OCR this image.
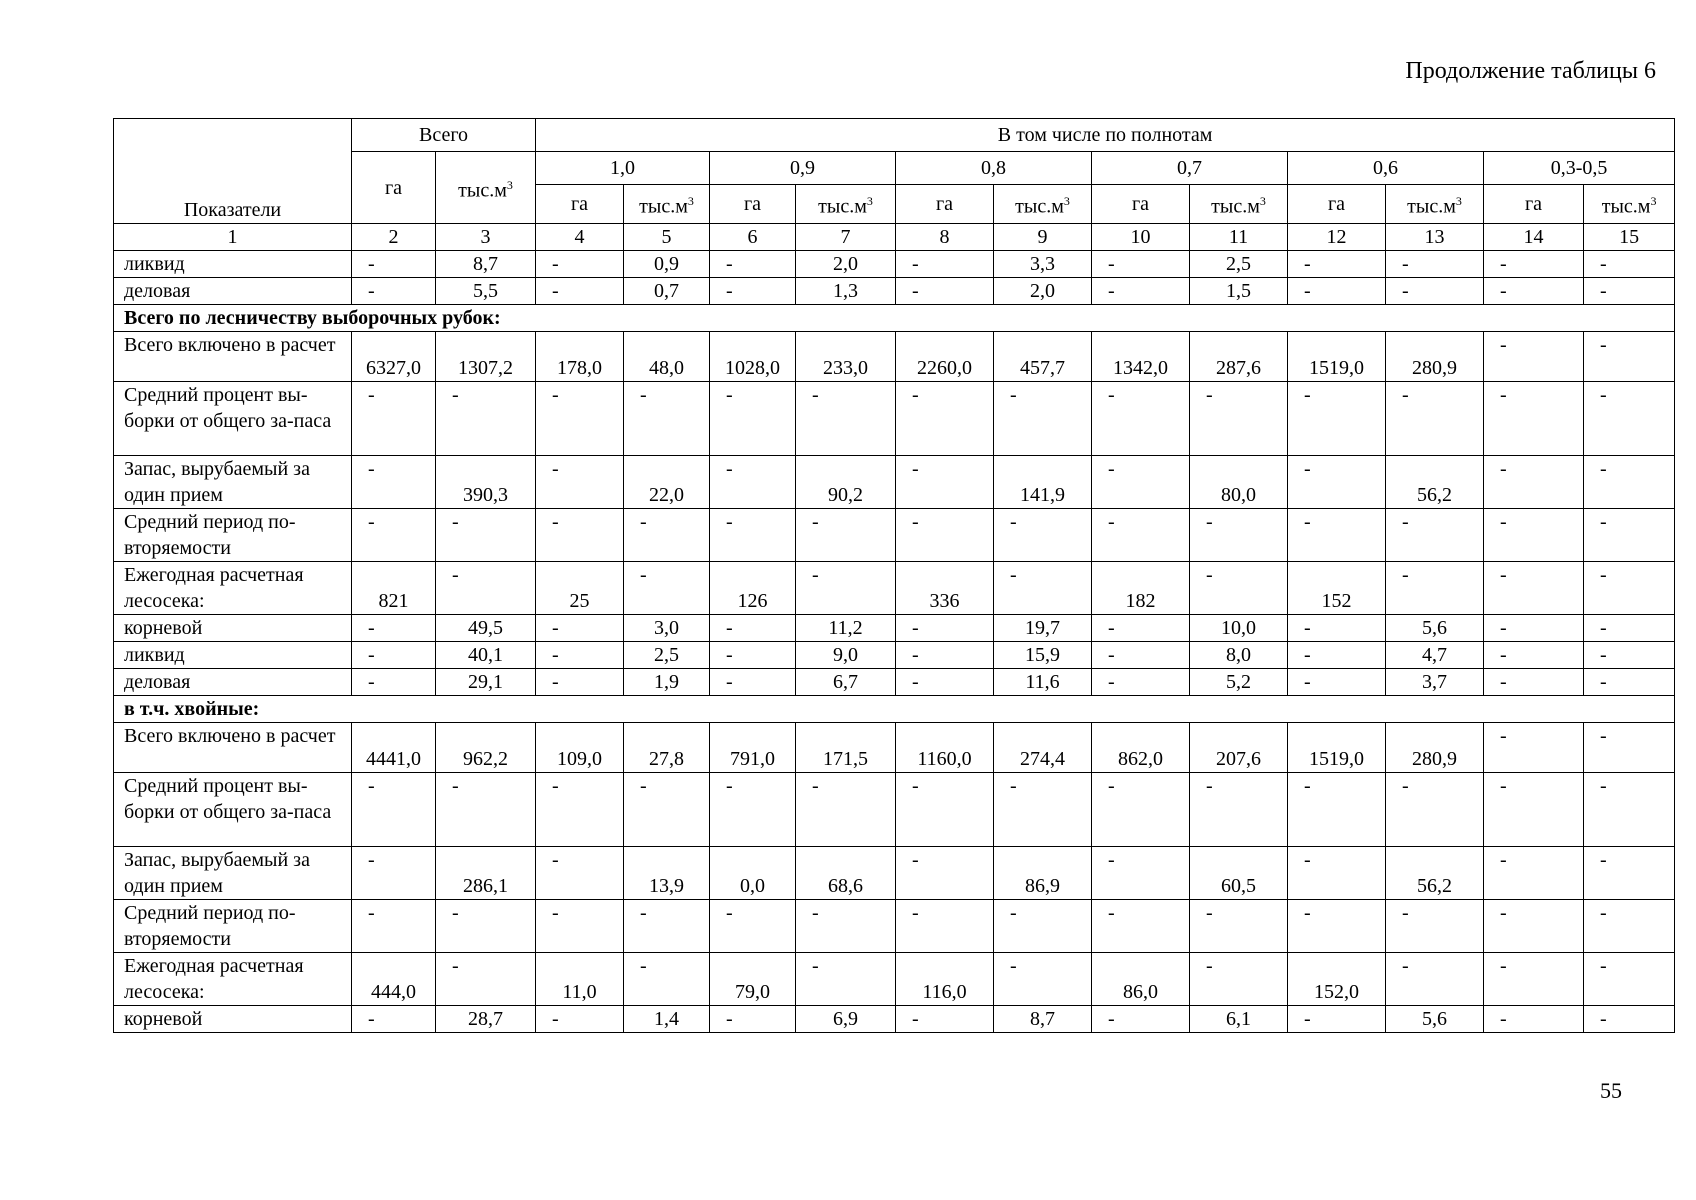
Продолжение таблицы 6
Показатели	Всего		В том числе по полнотам											
	га	$тыс.м^3$	1,0		0,9		0,8		0,7		0,6		0,3-0,5	
			га	$тыс.м^3$	га	$тыс.м^3$	га	$тыс.м^3$	га	$тыс.м^3$	га	$тыс.м^3$	га	$тыс.м^3$
1	2	3	4	5	6	7	8	9	10	11	12	13	14	15
ликвид	-	8,7	-	0,9	-	2,0	-	3,3	-	2,5	-	-	-	-
деловая	-	5,5	-	0,7	-	1,3	-	2,0	-	1,5	-	-	-	-
Всего по лесничеству выборочных рубок:														
Всего включено в расчет	6327,0	1307,2	178,0	48,0	1028,0	233,0	2260,0	457,7	1342,0	287,6	1519,0	280,9	-	-
Средний процент вы-борки от общего за-паса	-	-	-	-	-	-	-	-	-	-	-	-	-	-
Запас, вырубаемый за один прием	-	390,3	-	22,0	-	90,2	-	141,9	-	80,0	-	56,2	-	-
Средний период по-вторяемости	-	-	-	-	-	-	-	-	-	-	-	-	-	-
Ежегодная расчетная лесосека:	821	-	25	-	126	-	336	-	182	-	152	-	-	-
корневой	-	49,5	-	3,0	-	11,2	-	19,7	-	10,0	-	5,6	-	-
ликвид	-	40,1	-	2,5	-	9,0	-	15,9	-	8,0	-	4,7	-	-
деловая	-	29,1	-	1,9	-	6,7	-	11,6	-	5,2	-	3,7	-	-
в т.ч. хвойные:														
Всего включено в расчет	4441,0	962,2	109,0	27,8	791,0	171,5	1160,0	274,4	862,0	207,6	1519,0	280,9	-	-
Средний процент вы-борки от общего за-паса	-	-	-	-	-	-	-	-	-	-	-	-	-	-
Запас, вырубаемый за один прием	-	286,1	-	13,9	0,0	68,6	-	86,9	-	60,5	-	56,2	-	-
Средний период по-вторяемости	-	-	-	-	-	-	-	-	-	-	-	-	-	-
Ежегодная расчетная лесосека:	444,0	-	11,0	-	79,0	-	116,0	-	86,0	-	152,0	-	-	-
корневой	-	28,7	-	1,4	-	6,9	-	8,7	-	6,1	-	5,6	-	-
55
